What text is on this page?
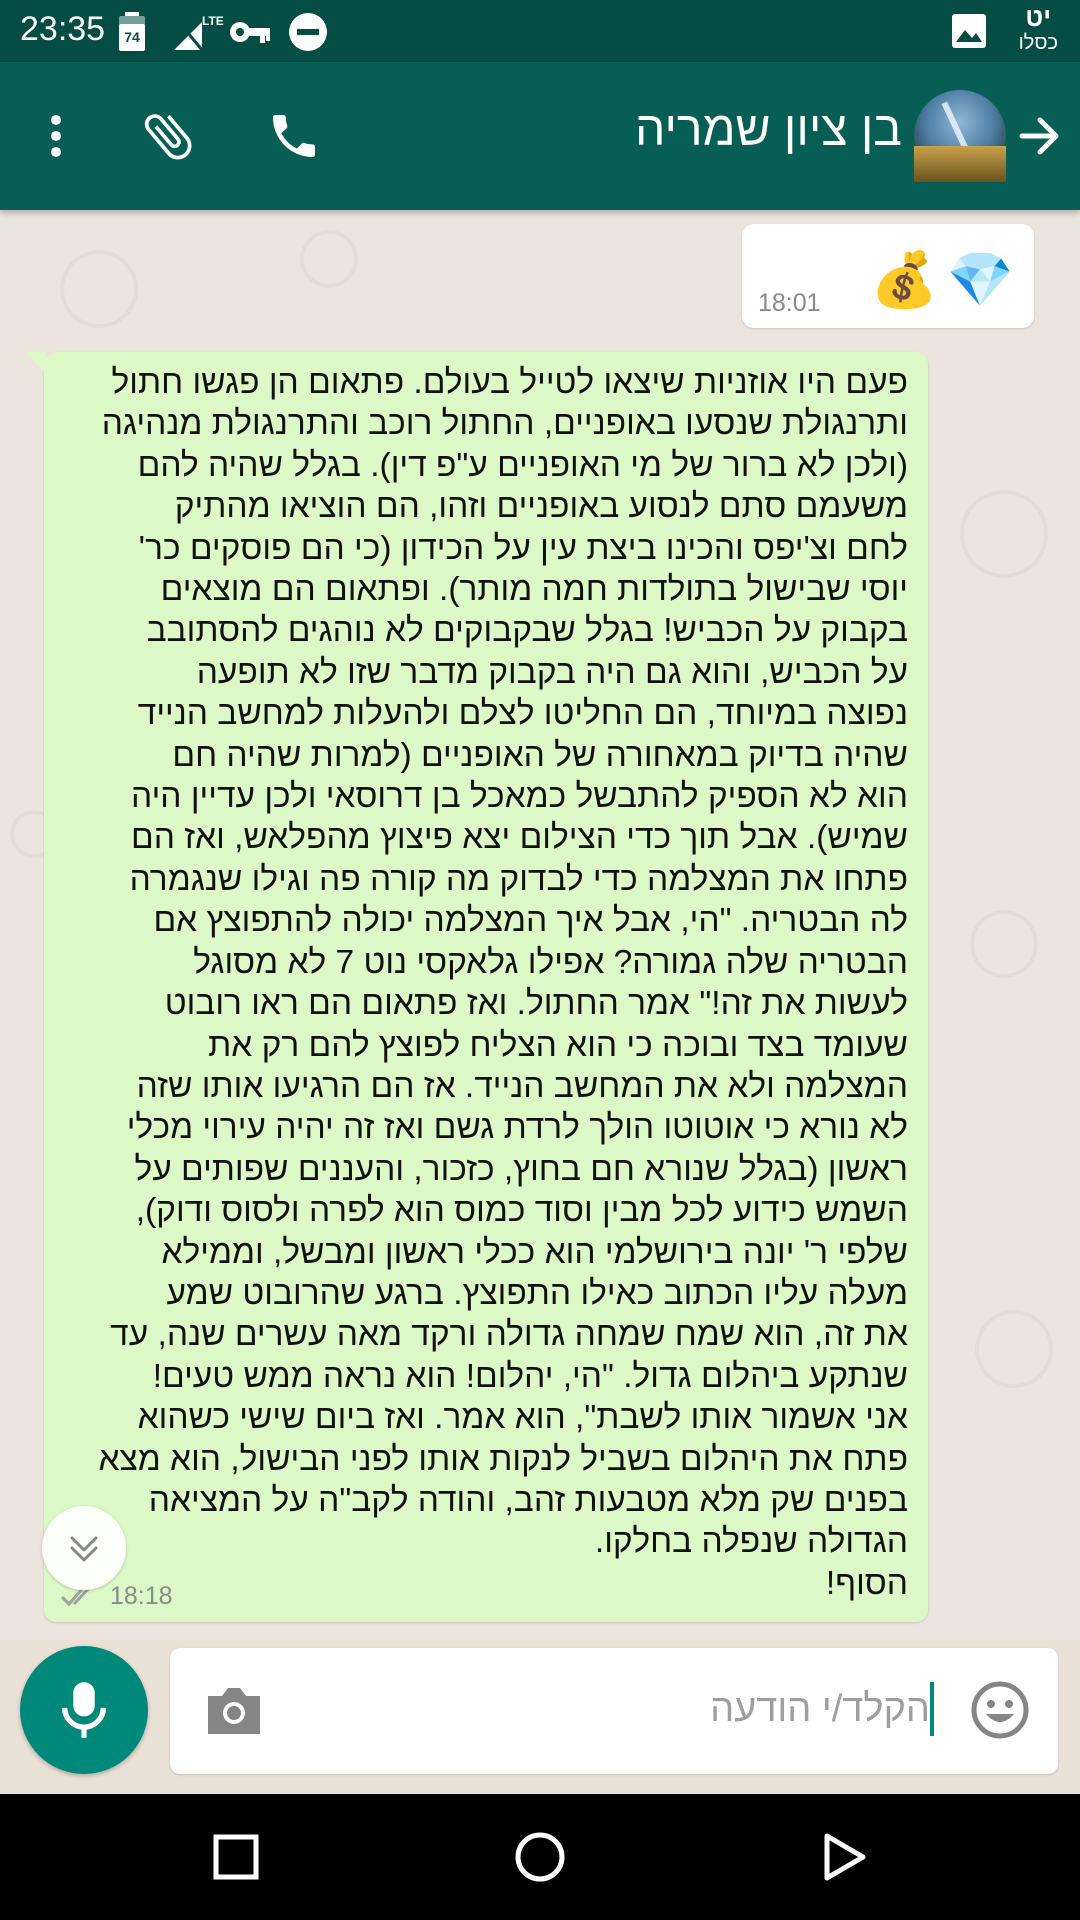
23:35 74
LTE	יט
כסלו
בן ציון שמריה
💎
💰
18:01
פעם היו אוזניות שיצאו לטייל בעולם. פתאום הן פגשו חתול
ותרנגולת שנסעו באופניים, החתול רוכב והתרנגולת מנהיגה
(ולכן לא ברור של מי האופניים ע"פ דין). בגלל שהיה להם
משעמם סתם לנסוע באופניים וזהו, הם הוציאו מהתיק
לחם וצ'יפס והכינו ביצת עין על הכידון (כי הם פוסקים כר'
יוסי שבישול בתולדות חמה מותר). ופתאום הם מוצאים
בקבוק על הכביש! בגלל שבקבוקים לא נוהגים להסתובב
על הכביש, והוא גם היה בקבוק מדבר שזו לא תופעה
נפוצה במיוחד, הם החליטו לצלם ולהעלות למחשב הנייד
שהיה בדיוק במאחורה של האופניים (למרות שהיה חם
הוא לא הספיק להתבשל כמאכל בן דרוסאי ולכן עדיין היה
שמיש). אבל תוך כדי הצילום יצא פיצוץ מהפלאש, ואז הם
פתחו את המצלמה כדי לבדוק מה קורה פה וגילו שנגמרה
לה הבטריה. "הי, אבל איך המצלמה יכולה להתפוצץ אם
הבטריה שלה גמורה? אפילו גלאקסי נוט 7 לא מסוגל
לעשות את זה!" אמר החתול. ואז פתאום הם ראו רובוט
שעומד בצד ובוכה כי הוא הצליח לפוצץ להם רק את
המצלמה ולא את המחשב הנייד. אז הם הרגיעו אותו שזה
לא נורא כי אוטוטו הולך לרדת גשם ואז זה יהיה עירוי מכלי
ראשון (בגלל שנורא חם בחוץ, כזכור, והעננים שפותים על
השמש כידוע לכל מבין וסוד כמוס הוא לפרה ולסוס ודוק),
שלפי ר' יונה בירושלמי הוא ככלי ראשון ומבשל, וממילא
מעלה עליו הכתוב כאילו התפוצץ. ברגע שהרובוט שמע
את זה, הוא שמח שמחה גדולה ורקד מאה עשרים שנה, עד
שנתקע ביהלום גדול. "הי, יהלום! הוא נראה ממש טעים!
אני אשמור אותו לשבת", הוא אמר. ואז ביום שישי כשהוא
פתח את היהלום בשביל לנקות אותו לפני הבישול, הוא מצא
בפנים שק מלא מטבעות זהב, והודה לקב"ה על המציאה
הגדולה שנפלה בחלקו.
הסוף!
18:18
הקלד/י הודעה
